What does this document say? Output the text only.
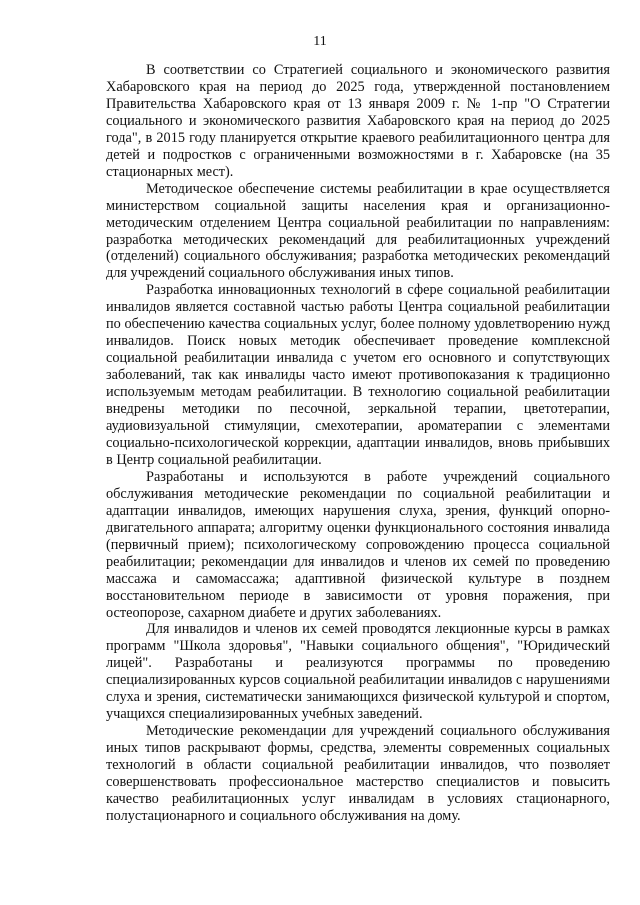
11

В соответствии со Стратегией социального и экономического развития Хабаровского края на период до 2025 года, утвержденной постановлением Правительства Хабаровского края от 13 января 2009 г. № 1-пр "О Стратегии социального и экономического развития Хабаровского края на период до 2025 года", в 2015 году планируется открытие краевого реабилитационного центра для детей и подростков с ограниченными возможностями в г. Хабаровске (на 35 стационарных мест).

Методическое обеспечение системы реабилитации в крае осуществляется министерством социальной защиты населения края и организационно-методическим отделением Центра социальной реабилитации по направлениям: разработка методических рекомендаций для реабилитационных учреждений (отделений) социального обслуживания; разработка методических рекомендаций для учреждений социального обслуживания иных типов.

Разработка инновационных технологий в сфере социальной реабилитации инвалидов является составной частью работы Центра социальной реабилитации по обеспечению качества социальных услуг, более полному удовлетворению нужд инвалидов. Поиск новых методик обеспечивает проведение комплексной социальной реабилитации инвалида с учетом его основного и сопутствующих заболеваний, так как инвалиды часто имеют противопоказания к традиционно используемым методам реабилитации. В технологию социальной реабилитации внедрены методики по песочной, зеркальной терапии, цветотерапии, аудиовизуальной стимуляции, смехотерапии, ароматерапии с элементами социально-психологической коррекции, адаптации инвалидов, вновь прибывших в Центр социальной реабилитации.

Разработаны и используются в работе учреждений социального обслуживания методические рекомендации по социальной реабилитации и адаптации инвалидов, имеющих нарушения слуха, зрения, функций опорно-двигательного аппарата; алгоритму оценки функционального состояния инвалида (первичный прием); психологическому сопровождению процесса социальной реабилитации; рекомендации для инвалидов и членов их семей по проведению массажа и самомассажа; адаптивной физической культуре в позднем восстановительном периоде в зависимости от уровня поражения, при остеопорозе, сахарном диабете и других заболеваниях.

Для инвалидов и членов их семей проводятся лекционные курсы в рамках программ "Школа здоровья", "Навыки социального общения", "Юридический лицей". Разработаны и реализуются программы по проведению специализированных курсов социальной реабилитации инвалидов с нарушениями слуха и зрения, систематически занимающихся физической культурой и спортом, учащихся специализированных учебных заведений.

Методические рекомендации для учреждений социального обслуживания иных типов раскрывают формы, средства, элементы современных социальных технологий в области социальной реабилитации инвалидов, что позволяет совершенствовать профессиональное мастерство специалистов и повысить качество реабилитационных услуг инвалидам в условиях стационарного, полустационарного и социального обслуживания на дому.
